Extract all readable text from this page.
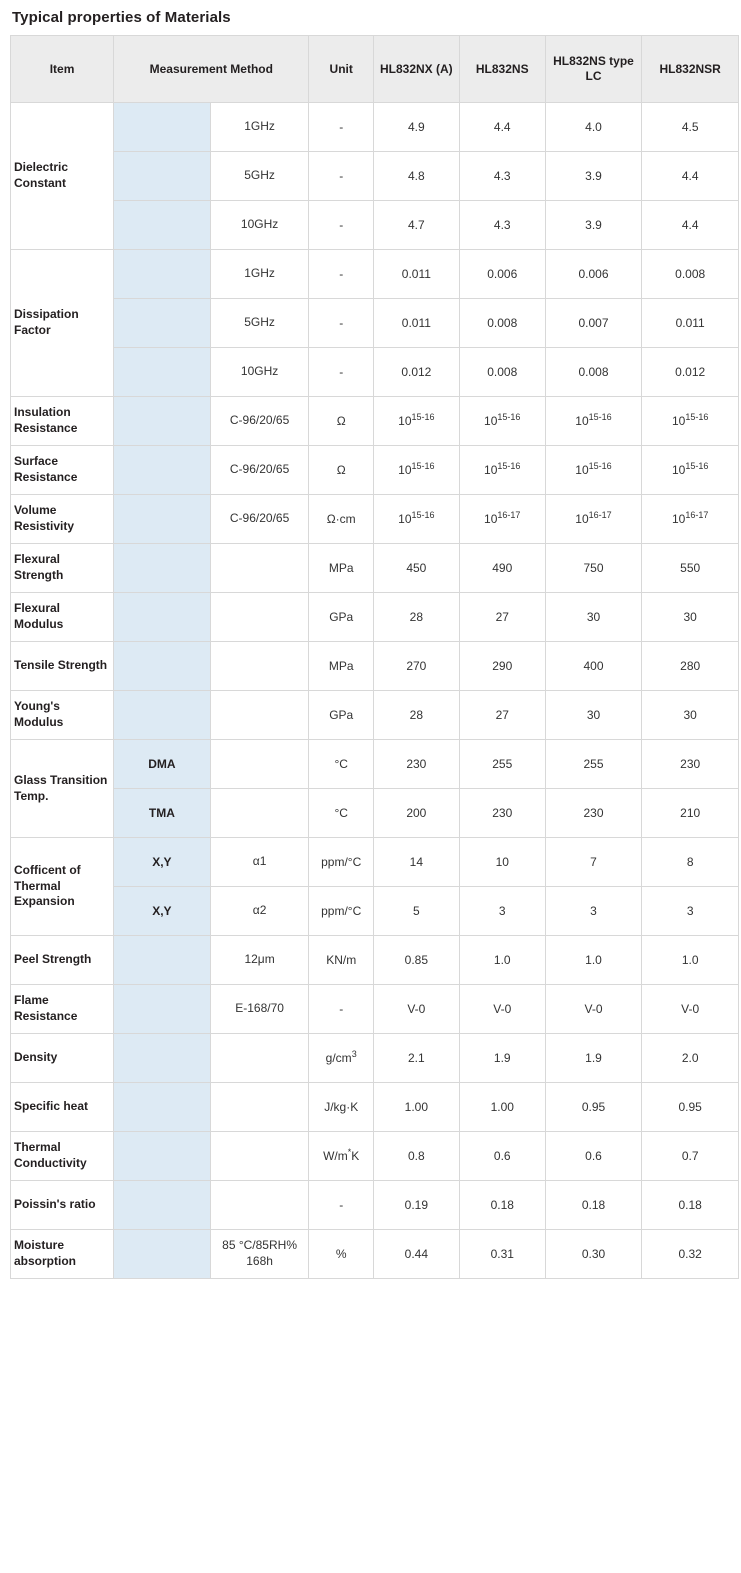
Typical properties of Materials
Item	Measurement Method		Unit	HL832NX (A)	HL832NS	HL832NS type LC	HL832NSR
Dielectric Constant		1GHz	-	4.9	4.4	4.0	4.5
		5GHz	-	4.8	4.3	3.9	4.4
		10GHz	-	4.7	4.3	3.9	4.4
Dissipation Factor		1GHz	-	0.011	0.006	0.006	0.008
		5GHz	-	0.011	0.008	0.007	0.011
		10GHz	-	0.012	0.008	0.008	0.012
Insulation Resistance		C-96/20/65	Ω	10$^{15-16}$	10$^{15-16}$	10$^{15-16}$	10$^{15-16}$
Surface Resistance		C-96/20/65	Ω	10$^{15-16}$	10$^{15-16}$	10$^{15-16}$	10$^{15-16}$
Volume Resistivity		C-96/20/65	Ω·cm	10$^{15-16}$	10$^{16-17}$	10$^{16-17}$	10$^{16-17}$
Flexural Strength			MPa	450	490	750	550
Flexural Modulus			GPa	28	27	30	30
Tensile Strength			MPa	270	290	400	280
Young's Modulus			GPa	28	27	30	30
Glass Transition Temp.	DMA		°C	230	255	255	230
	TMA		°C	200	230	230	210
Cofficent of Thermal Expansion	X,Y	α1	ppm/°C	14	10	7	8
	X,Y	α2	ppm/°C	5	3	3	3
Peel Strength		12μm	KN/m	0.85	1.0	1.0	1.0
Flame Resistance		E-168/70	-	V-0	V-0	V-0	V-0
Density			$g/cm^3$	2.1	1.9	1.9	2.0
Specific heat			J/kg·K	1.00	1.00	0.95	0.95
Thermal Conductivity			W/m*K	0.8	0.6	0.6	0.7
Poissin's ratio			-	0.19	0.18	0.18	0.18
Moisture absorption		85 °C/85RH% 168h	%	0.44	0.31	0.30	0.32
